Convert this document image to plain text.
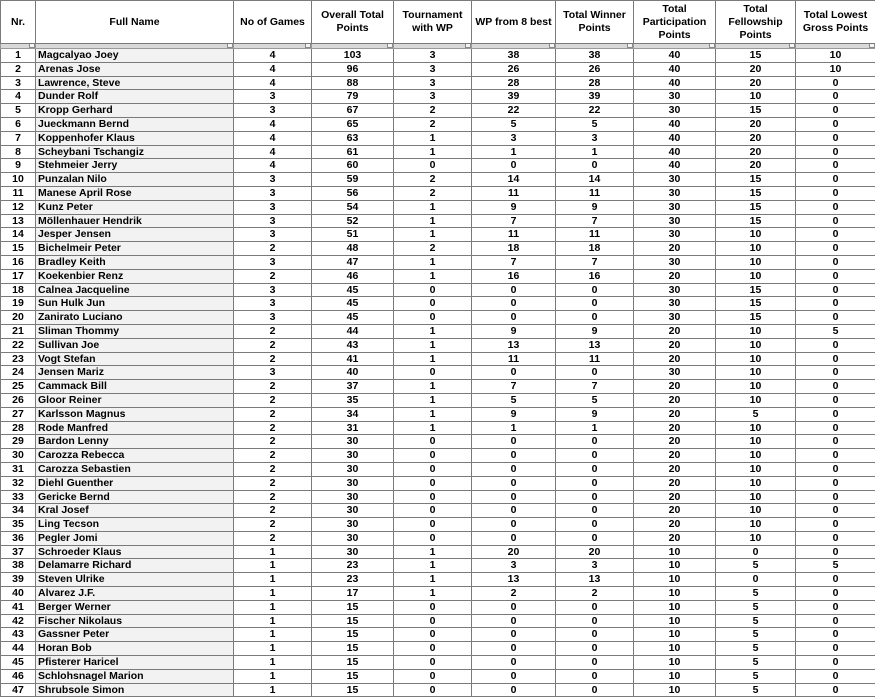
Nr.	Full Name	No of Games	Overall Total Points	Tournament with WP	WP from 8 best	Total Winner Points	Total Participation Points	Total Fellowship Points	Total Lowest Gross Points

1	Magcalyao Joey	4	103	3	38	38	40	15	10
2	Arenas Jose	4	96	3	26	26	40	20	10
3	Lawrence, Steve	4	88	3	28	28	40	20	0
4	Dunder Rolf	3	79	3	39	39	30	10	0
5	Kropp Gerhard	3	67	2	22	22	30	15	0
6	Jueckmann Bernd	4	65	2	5	5	40	20	0
7	Koppenhofer Klaus	4	63	1	3	3	40	20	0
8	Scheybani Tschangiz	4	61	1	1	1	40	20	0
9	Stehmeier Jerry	4	60	0	0	0	40	20	0
10	Punzalan Nilo	3	59	2	14	14	30	15	0
11	Manese April Rose	3	56	2	11	11	30	15	0
12	Kunz Peter	3	54	1	9	9	30	15	0
13	Möllenhauer Hendrik	3	52	1	7	7	30	15	0
14	Jesper Jensen	3	51	1	11	11	30	10	0
15	Bichelmeir Peter	2	48	2	18	18	20	10	0
16	Bradley Keith	3	47	1	7	7	30	10	0
17	Koekenbier Renz	2	46	1	16	16	20	10	0
18	Calnea Jacqueline	3	45	0	0	0	30	15	0
19	Sun Hulk Jun	3	45	0	0	0	30	15	0
20	Zanirato Luciano	3	45	0	0	0	30	15	0
21	Sliman Thommy	2	44	1	9	9	20	10	5
22	Sullivan Joe	2	43	1	13	13	20	10	0
23	Vogt Stefan	2	41	1	11	11	20	10	0
24	Jensen Mariz	3	40	0	0	0	30	10	0
25	Cammack Bill	2	37	1	7	7	20	10	0
26	Gloor Reiner	2	35	1	5	5	20	10	0
27	Karlsson Magnus	2	34	1	9	9	20	5	0
28	Rode Manfred	2	31	1	1	1	20	10	0
29	Bardon Lenny	2	30	0	0	0	20	10	0
30	Carozza Rebecca	2	30	0	0	0	20	10	0
31	Carozza Sebastien	2	30	0	0	0	20	10	0
32	Diehl Guenther	2	30	0	0	0	20	10	0
33	Gericke Bernd	2	30	0	0	0	20	10	0
34	Kral Josef	2	30	0	0	0	20	10	0
35	Ling Tecson	2	30	0	0	0	20	10	0
36	Pegler Jomi	2	30	0	0	0	20	10	0
37	Schroeder Klaus	1	30	1	20	20	10	0	0
38	Delamarre Richard	1	23	1	3	3	10	5	5
39	Steven Ulrike	1	23	1	13	13	10	0	0
40	Alvarez J.F.	1	17	1	2	2	10	5	0
41	Berger Werner	1	15	0	0	0	10	5	0
42	Fischer Nikolaus	1	15	0	0	0	10	5	0
43	Gassner Peter	1	15	0	0	0	10	5	0
44	Horan Bob	1	15	0	0	0	10	5	0
45	Pfisterer Haricel	1	15	0	0	0	10	5	0
46	Schlohsnagel Marion	1	15	0	0	0	10	5	0
47	Shrubsole Simon	1	15	0	0	0	10	5	0
